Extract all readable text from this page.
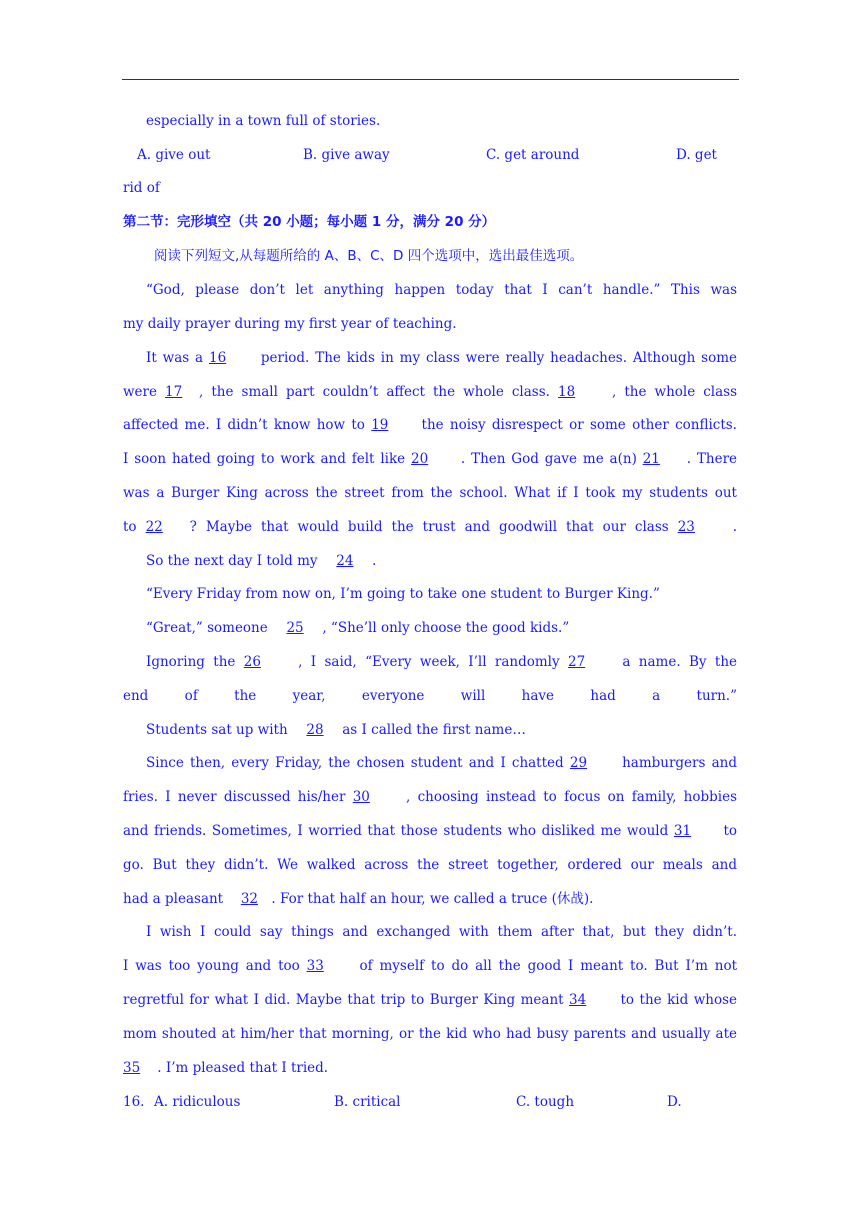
especially in a town full of stories.
A. give out	B. give away	C. get around	D. get
rid of
第二节：完形填空（共 20 小题；每小题 1 分，满分 20 分）
阅读下列短文,从每题所给的 A、B、C、D 四个选项中，选出最佳选项。
“God, please don’t let anything happen today that I can’t handle.” This was
my daily prayer during my first year of teaching.
It was a 16	period. The kids in my class were really headaches. Although some
were 17 , the small part couldn’t affect the whole class. 18	, the whole class
affected me. I didn’t know how to 19 the noisy disrespect or some other conflicts.
I soon hated going to work and felt like 20 . Then God gave me a(n) 21 . There
was a Burger King across the street from the school. What if I took my students out
to 22 ? Maybe that would build the trust and goodwill that our class 23	.
So the next day I told my 24 .
“Every Friday from now on, I’m going to take one student to Burger King.”
“Great,” someone 25 , “She’ll only choose the good kids.”
Ignoring the 26	, I said, “Every week, I’ll randomly 27	a name. By the
end of the year, everyone will have had a turn.”
Students sat up with 28 as I called the first name…
Since then, every Friday, the chosen student and I chatted 29	hamburgers and
fries. I never discussed his/her 30	, choosing instead to focus on family, hobbies
and friends. Sometimes, I worried that those students who disliked me would 31 to
go. But they didn’t. We walked across the street together, ordered our meals and
had a pleasant 32 . For that half an hour, we called a truce (休战).
I wish I could say things and exchanged with them after that, but they didn’t.
I was too young and too 33	of myself to do all the good I meant to. But I’m not
regretful for what I did. Maybe that trip to Burger King meant 34	to the kid whose
mom shouted at him/her that morning, or the kid who had busy parents and usually ate
35 . I’m pleased that I tried.
16. A. ridiculous	B. critical	C. tough	D.
